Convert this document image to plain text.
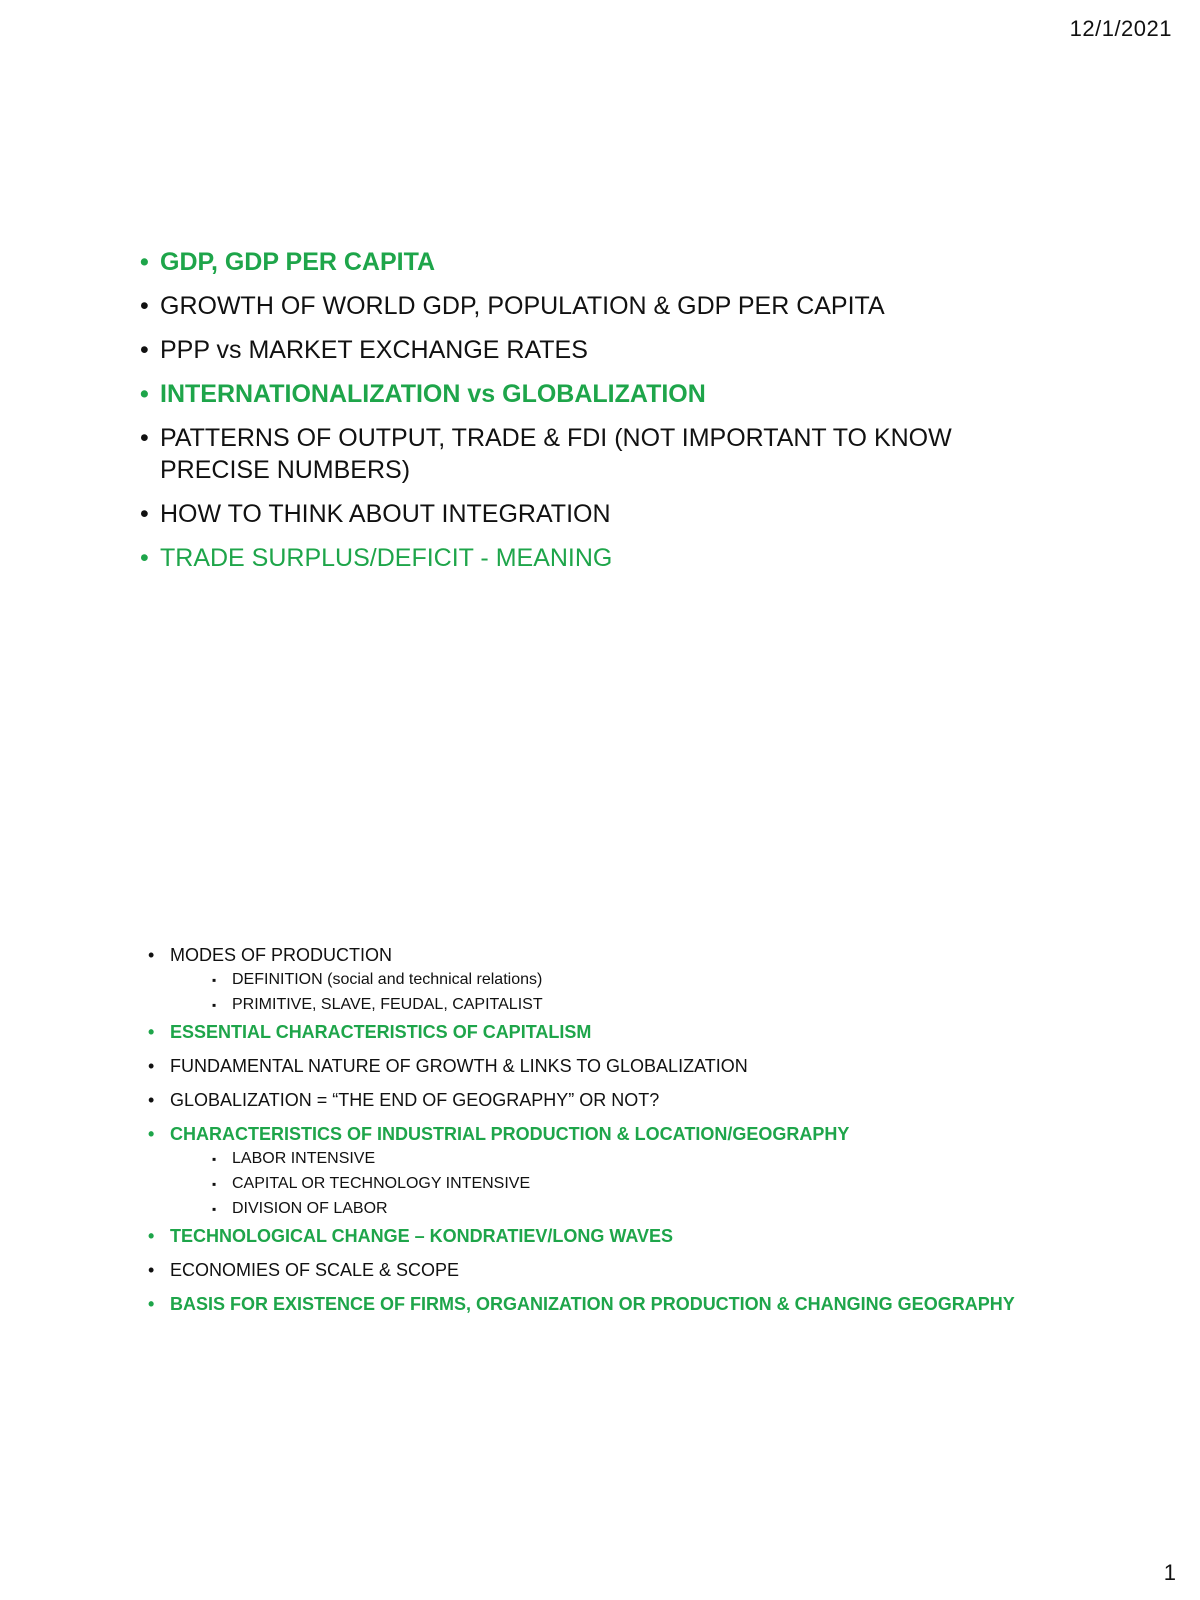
12/1/2021
• GDP, GDP PER CAPITA
• GROWTH OF WORLD GDP, POPULATION & GDP PER CAPITA
• PPP vs MARKET EXCHANGE RATES
• INTERNATIONALIZATION vs GLOBALIZATION
• PATTERNS OF OUTPUT, TRADE & FDI (NOT IMPORTANT TO KNOW PRECISE NUMBERS)
• HOW TO THINK ABOUT INTEGRATION
• TRADE SURPLUS/DEFICIT - MEANING
• MODES OF PRODUCTION
▪ DEFINITION (social and technical relations)
▪ PRIMITIVE, SLAVE, FEUDAL, CAPITALIST
• ESSENTIAL CHARACTERISTICS OF CAPITALISM
• FUNDAMENTAL NATURE OF GROWTH & LINKS TO GLOBALIZATION
• GLOBALIZATION = “THE END OF GEOGRAPHY” OR NOT?
• CHARACTERISTICS OF INDUSTRIAL PRODUCTION & LOCATION/GEOGRAPHY
▪ LABOR INTENSIVE
▪ CAPITAL OR TECHNOLOGY INTENSIVE
▪ DIVISION OF LABOR
• TECHNOLOGICAL CHANGE – KONDRATIEV/LONG WAVES
• ECONOMIES OF SCALE & SCOPE
• BASIS FOR EXISTENCE OF FIRMS, ORGANIZATION OR PRODUCTION & CHANGING GEOGRAPHY
1
